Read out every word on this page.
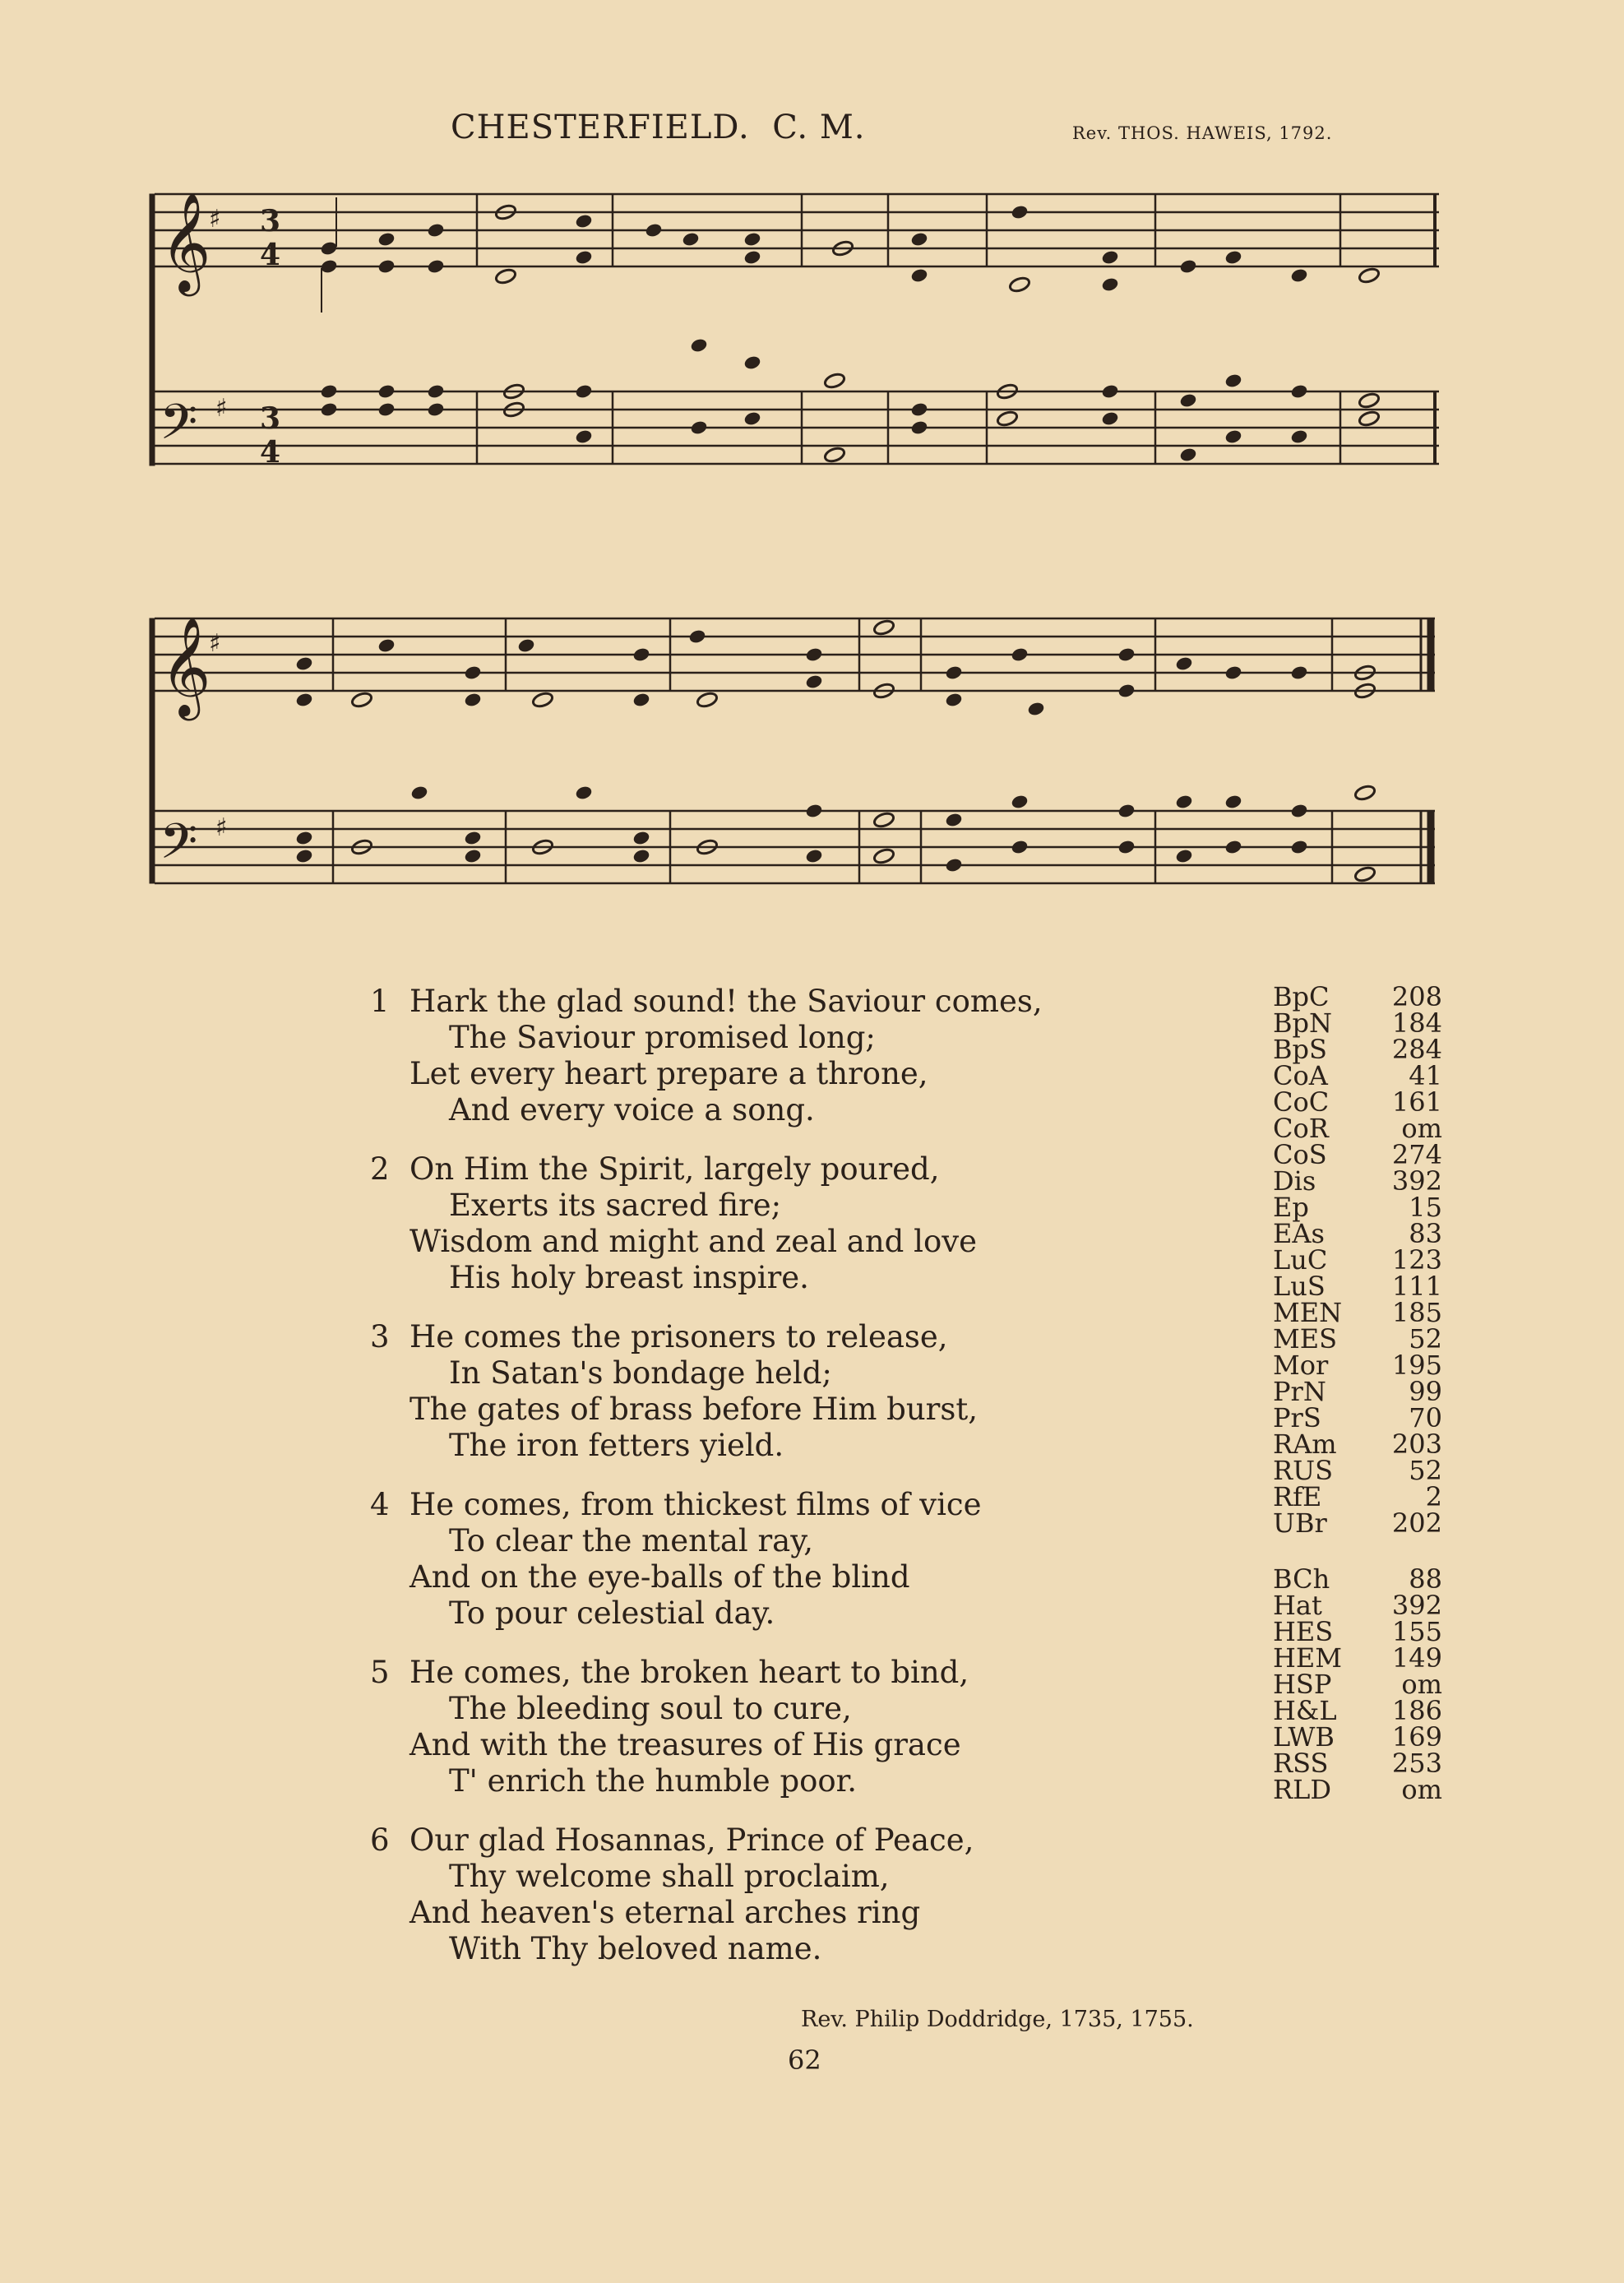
CHESTERFIELD. C. M.	Rev. THOS. HAWEIS, 1792.
𝄞
♯ 3
4
𝄢 ♯ 3
4
𝄞
♯
𝄢 ♯
1 Hark the glad sound! the Saviour comes,
The Saviour promised long;
Let every heart prepare a throne,
And every voice a song.
2 On Him the Spirit, largely poured,
Exerts its sacred fire;
Wisdom and might and zeal and love
His holy breast inspire.
3 He comes the prisoners to release,
In Satan's bondage held;
The gates of brass before Him burst,
The iron fetters yield.
4 He comes, from thickest films of vice
To clear the mental ray,
And on the eye-balls of the blind
To pour celestial day.
5 He comes, the broken heart to bind,
The bleeding soul to cure,
And with the treasures of His grace
T' enrich the humble poor.
6 Our glad Hosannas, Prince of Peace,
Thy welcome shall proclaim,
And heaven's eternal arches ring
With Thy beloved name.
Rev. Philip Doddridge, 1735, 1755.
62
BpC 208
BpN 184
BpS 284
CoA	41
CoC 161
CoR	om
CoS 274
Dis	392
Ep	15
EAs	83
LuC 123
LuS	111
MEN 185
MES	52
Mor 195
PrN	99
PrS	70
RAm 203
RUS	52
RfE	2
UBr 202
BCh	88
Hat	392
HES 155
HEM 149
HSP	om
H&L 186
LWB 169
RSS 253
RLD	om
